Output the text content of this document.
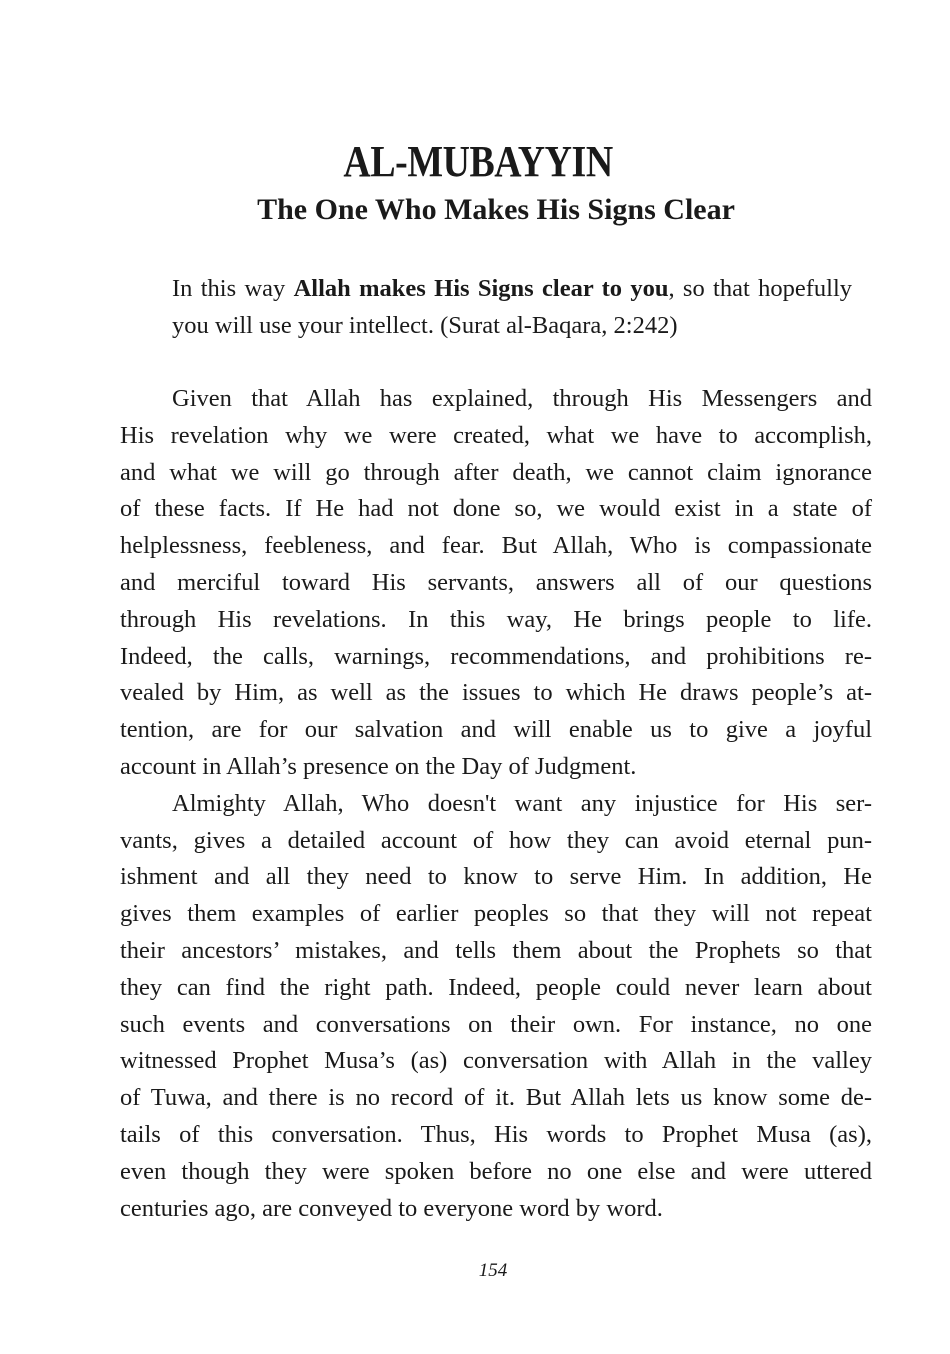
AL-MUBAYYIN
The One Who Makes His Signs Clear
In this way Allah makes His Signs clear to you, so that hopefully you will use your intellect. (Surat al-Baqara, 2:242)
Given that Allah has explained, through His Messengers and
His revelation why we were created, what we have to accomplish,
and what we will go through after death, we cannot claim ignorance
of these facts. If He had not done so, we would exist in a state of
helplessness, feebleness, and fear. But Allah, Who is compassionate
and merciful toward His servants, answers all of our questions
through His revelations. In this way, He brings people to life.
Indeed, the calls, warnings, recommendations, and prohibitions re-
vealed by Him, as well as the issues to which He draws people’s at-
tention, are for our salvation and will enable us to give a joyful
account in Allah’s presence on the Day of Judgment.
Almighty Allah, Who doesn't want any injustice for His ser-
vants, gives a detailed account of how they can avoid eternal pun-
ishment and all they need to know to serve Him. In addition, He
gives them examples of earlier peoples so that they will not repeat
their ancestors’ mistakes, and tells them about the Prophets so that
they can find the right path. Indeed, people could never learn about
such events and conversations on their own. For instance, no one
witnessed Prophet Musa’s (as) conversation with Allah in the valley
of Tuwa, and there is no record of it. But Allah lets us know some de-
tails of this conversation. Thus, His words to Prophet Musa (as),
even though they were spoken before no one else and were uttered
centuries ago, are conveyed to everyone word by word.
154
